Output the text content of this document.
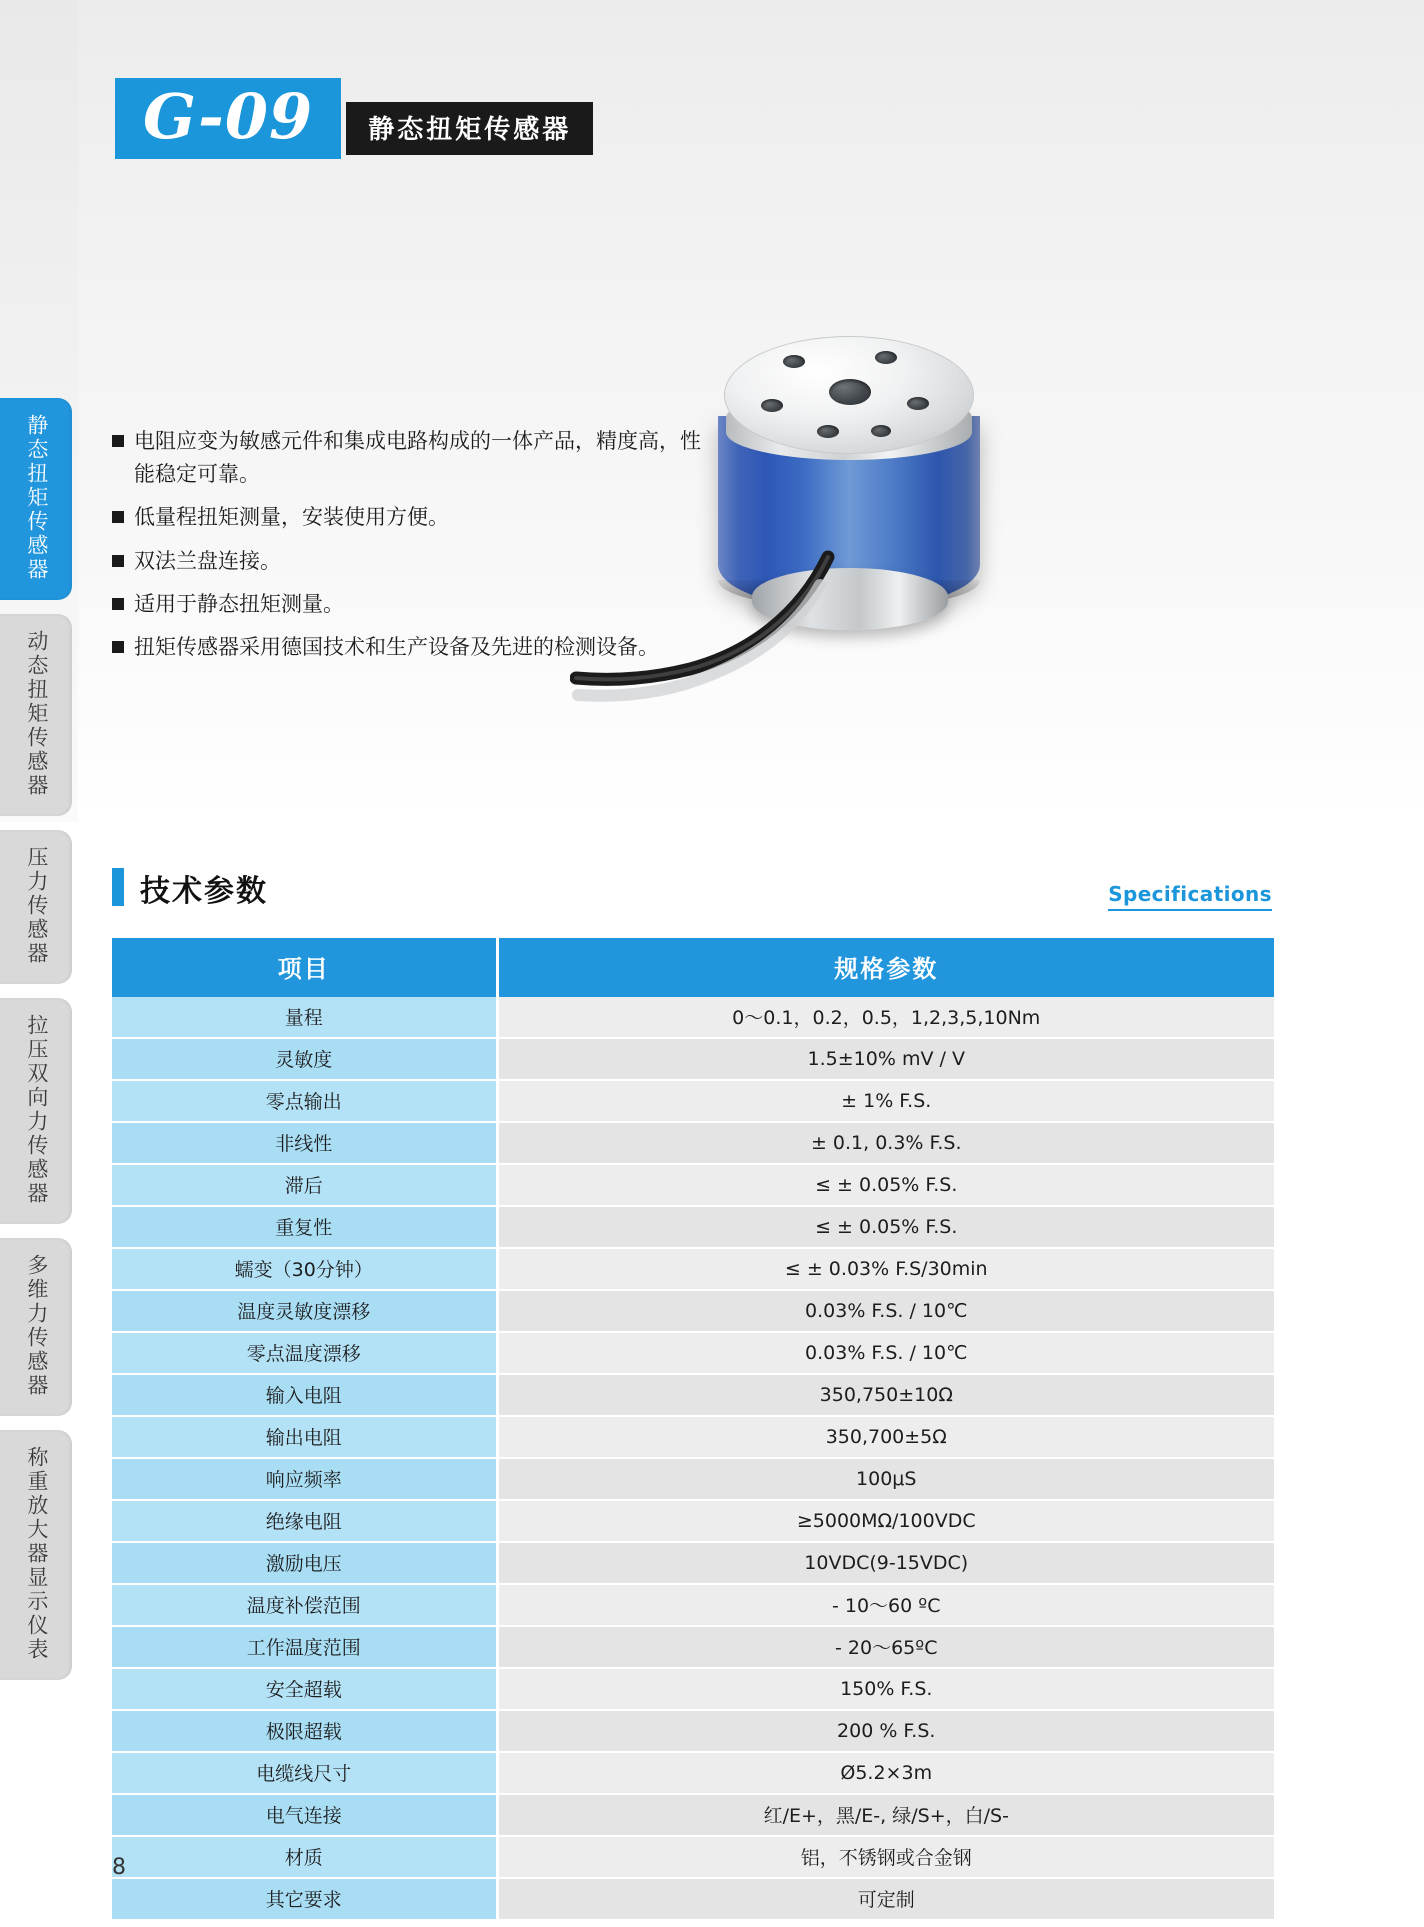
G-09 静态扭矩传感器
静态扭矩传感器
动态扭矩传感器
压力传感器
拉压双向力传感器
多维力传感器
称重放大器显示仪表
电阻应变为敏感元件和集成电路构成的一体产品，精度高，性能稳定可靠。
低量程扭矩测量，安装使用方便。
双法兰盘连接。
适用于静态扭矩测量。
扭矩传感器采用德国技术和生产设备及先进的检测设备。
技术参数	Specifications
项目	规格参数
量程	0～0.1，0.2，0.5，1,2,3,5,10Nm
灵敏度	1.5±10% mV / V
零点输出	± 1% F.S.
非线性	± 0.1, 0.3% F.S.
滞后	≤ ± 0.05% F.S.
重复性	≤ ± 0.05% F.S.
蠕变（30分钟）	≤ ± 0.03% F.S/30min
温度灵敏度漂移	0.03% F.S. / 10℃
零点温度漂移	0.03% F.S. / 10℃
输入电阻	350,750±10Ω
输出电阻	350,700±5Ω
响应频率	100μS
绝缘电阻	≥5000MΩ/100VDC
激励电压	10VDC(9-15VDC)
温度补偿范围	- 10～60 ºC
工作温度范围	- 20～65ºC
安全超载	150% F.S.
极限超载	200 % F.S.
电缆线尺寸	Ø5.2×3m
电气连接	红/E+，黑/E-, 绿/S+，白/S-
材质	铝，不锈钢或合金钢
其它要求	可定制
8
